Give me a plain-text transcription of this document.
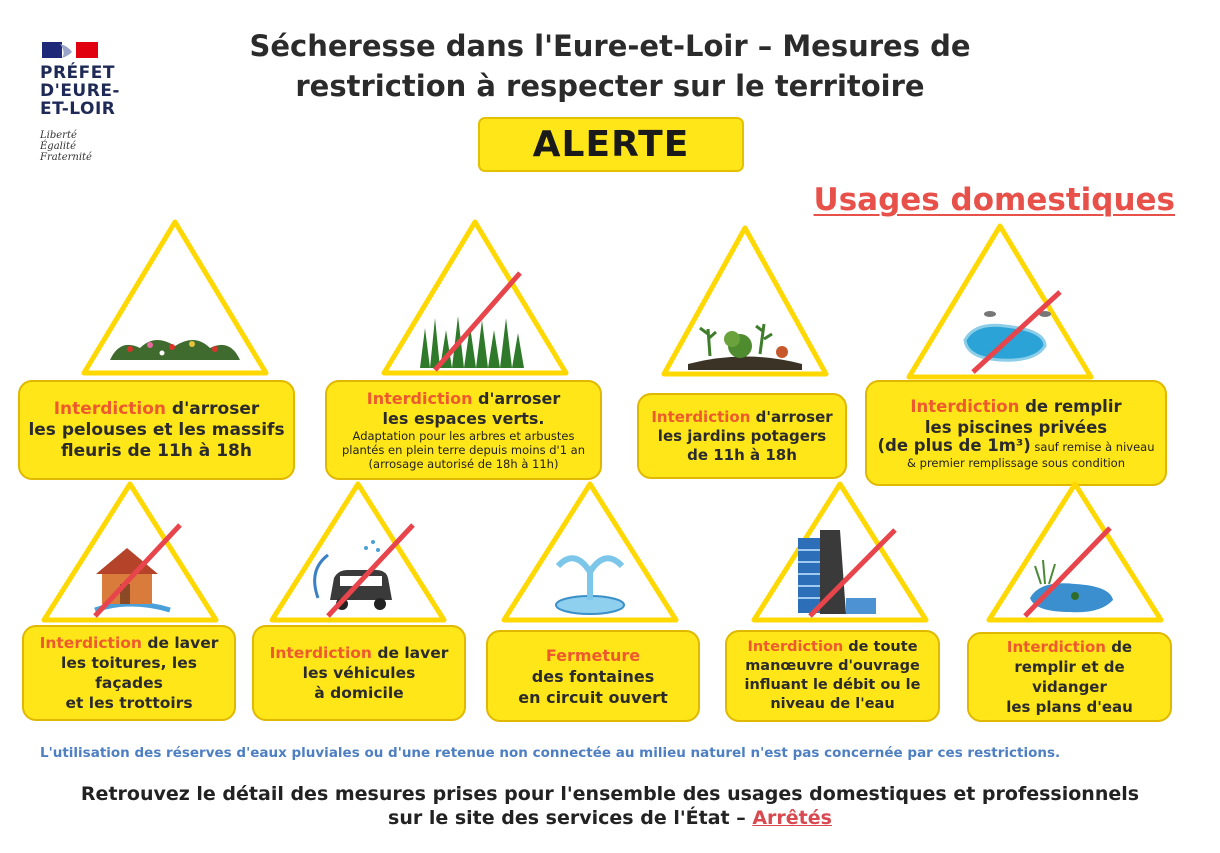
PRÉFET
D'EURE-
ET-LOIR
Liberté
Égalité
Fraternité
Sécheresse dans l'Eure-et-Loir – Mesures de
restriction à respecter sur le territoire
ALERTE
Usages domestiques
Interdiction d'arroser
les pelouses et les massifs
fleuris de 11h à 18h
Interdiction d'arroser
les espaces verts.
Adaptation pour les arbres et arbustes plantés en plein terre depuis moins d'1 an (arrosage autorisé de 18h à 11h)
Interdiction d'arroser
les jardins potagers
de 11h à 18h
Interdiction de remplir
les piscines privées
(de plus de 1m³) sauf remise à niveau & premier remplissage sous condition
Interdiction de laver
les toitures, les façades
et les trottoirs
Interdiction de laver
les véhicules
à domicile
Fermeture
des fontaines
en circuit ouvert
Interdiction de toute
manœuvre d'ouvrage
influant le débit ou le
niveau de l'eau
Interdiction de
remplir et de vidanger
les plans d'eau
L'utilisation des réserves d'eaux pluviales ou d'une retenue non connectée au milieu naturel n'est pas concernée par ces restrictions.
Retrouvez le détail des mesures prises pour l'ensemble des usages domestiques et professionnels
sur le site des services de l'État – Arrêtés
